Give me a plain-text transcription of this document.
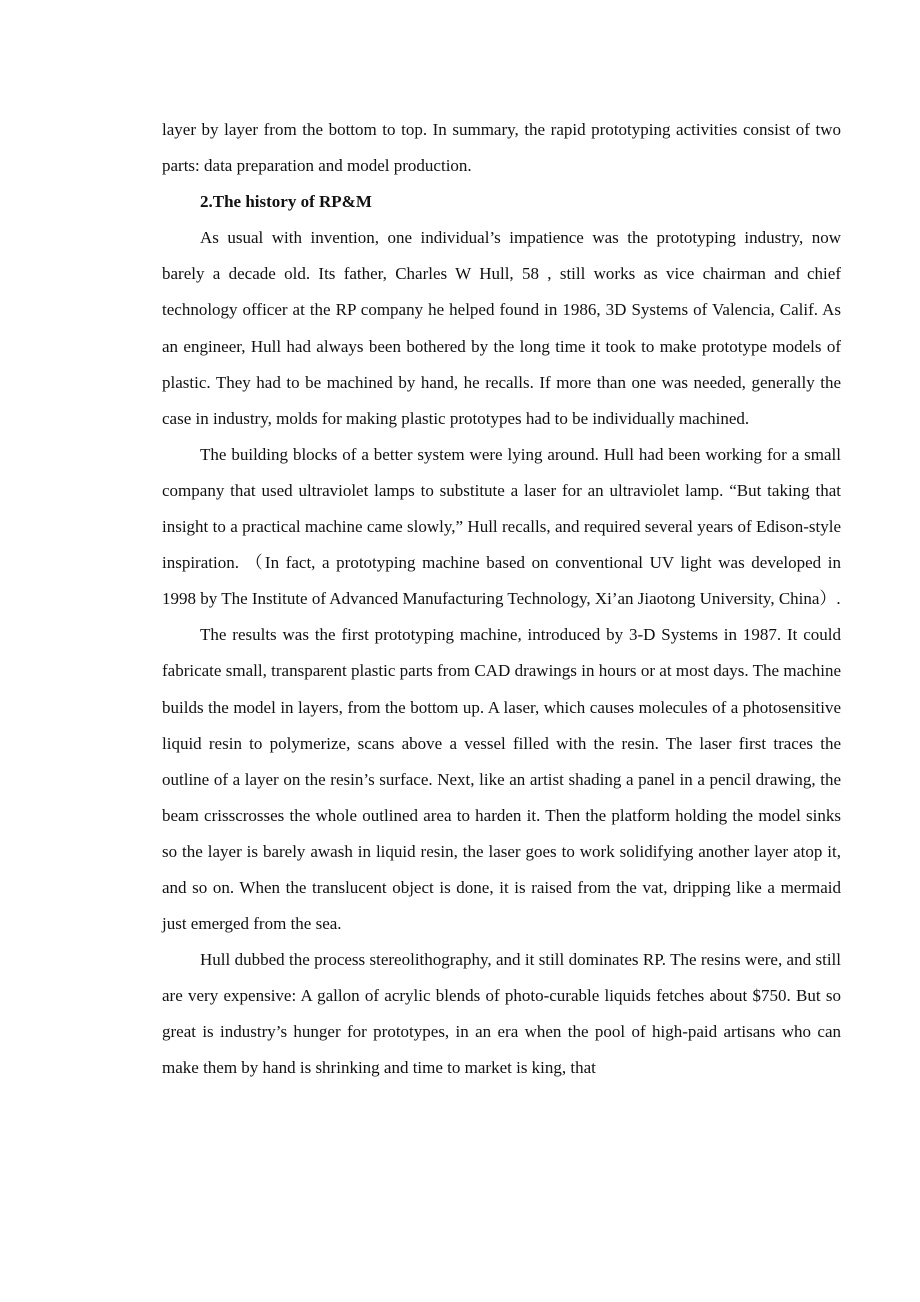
layer by layer from the bottom to top. In summary, the rapid prototyping activities consist of two parts: data preparation and model production.

2.The history of RP&M

As usual with invention, one individual’s impatience was the prototyping industry, now barely a decade old. Its father, Charles W Hull, 58 , still works as vice chairman and chief technology officer at the RP company he helped found in 1986, 3D Systems of Valencia, Calif. As an engineer, Hull had always been bothered by the long time it took to make prototype models of plastic. They had to be machined by hand, he recalls. If more than one was needed, generally the case in industry, molds for making plastic prototypes had to be individually machined.

The building blocks of a better system were lying around. Hull had been working for a small company that used ultraviolet lamps to substitute a laser for an ultraviolet lamp. “But taking that insight to a practical machine came slowly,” Hull recalls, and required several years of Edison-style inspiration. （In fact, a prototyping machine based on conventional UV light was developed in 1998 by The Institute of Advanced Manufacturing Technology, Xi’an Jiaotong University, China）.

The results was the first prototyping machine, introduced by 3-D Systems in 1987. It could fabricate small, transparent plastic parts from CAD drawings in hours or at most days. The machine builds the model in layers, from the bottom up. A laser, which causes molecules of a photosensitive liquid resin to polymerize, scans above a vessel filled with the resin. The laser first traces the outline of a layer on the resin’s surface. Next, like an artist shading a panel in a pencil drawing, the beam crisscrosses the whole outlined area to harden it. Then the platform holding the model sinks so the layer is barely awash in liquid resin, the laser goes to work solidifying another layer atop it, and so on. When the translucent object is done, it is raised from the vat, dripping like a mermaid just emerged from the sea.

Hull dubbed the process stereolithography, and it still dominates RP. The resins were, and still are very expensive: A gallon of acrylic blends of photo-curable liquids fetches about $750. But so great is industry’s hunger for prototypes, in an era when the pool of high-paid artisans who can make them by hand is shrinking and time to market is king, that
